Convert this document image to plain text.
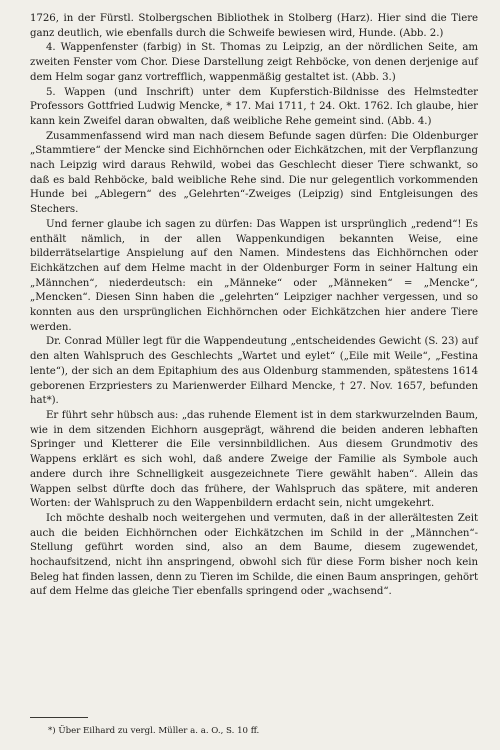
1726, in der Fürstl. Stolbergschen Bibliothek in Stolberg (Harz). Hier sind die Tiere ganz deutlich, wie ebenfalls durch die Schweife bewiesen wird, Hunde. (Abb. 2.)

4. Wappenfenster (farbig) in St. Thomas zu Leipzig, an der nördlichen Seite, am zweiten Fenster vom Chor. Diese Darstellung zeigt Rehböcke, von denen derjenige auf dem Helm sogar ganz vortrefflich, wappenmäßig gestaltet ist. (Abb. 3.)

5. Wappen (und Inschrift) unter dem Kupferstich-Bildnisse des Helmstedter Professors Gottfried Ludwig Mencke, * 17. Mai 1711, † 24. Okt. 1762. Ich glaube, hier kann kein Zweifel daran obwalten, daß weibliche Rehe gemeint sind. (Abb. 4.)

Zusammenfassend wird man nach diesem Befunde sagen dürfen: Die Oldenburger „Stammtiere“ der Mencke sind Eichhörnchen oder Eichkätzchen, mit der Verpflanzung nach Leipzig wird daraus Rehwild, wobei das Geschlecht dieser Tiere schwankt, so daß es bald Rehböcke, bald weibliche Rehe sind. Die nur gelegentlich vorkommenden Hunde bei „Ablegern“ des „Gelehrten“-Zweiges (Leipzig) sind Entgleisungen des Stechers.

Und ferner glaube ich sagen zu dürfen: Das Wappen ist ursprünglich „redend“! Es enthält nämlich, in der allen Wappenkundigen bekannten Weise, eine bilderrätselartige Anspielung auf den Namen. Mindestens das Eichhörnchen oder Eichkätzchen auf dem Helme macht in der Oldenburger Form in seiner Haltung ein „Männchen“, niederdeutsch: ein „Männeke“ oder „Männeken“ = „Mencke“, „Mencken“. Diesen Sinn haben die „gelehrten“ Leipziger nachher vergessen, und so konnten aus den ursprünglichen Eichhörnchen oder Eichkätzchen hier andere Tiere werden.

Dr. Conrad Müller legt für die Wappendeutung „entscheidendes Gewicht (S. 23) auf den alten Wahlspruch des Geschlechts „Wartet und eylet“ („Eile mit Weile“, „Festina lente“), der sich an dem Epitaphium des aus Oldenburg stammenden, spätestens 1614 geborenen Erzpriesters zu Marienwerder Eilhard Mencke, † 27. Nov. 1657, befunden hat*).

Er führt sehr hübsch aus: „das ruhende Element ist in dem starkwurzelnden Baum, wie in dem sitzenden Eichhorn ausgeprägt, während die beiden anderen lebhaften Springer und Kletterer die Eile versinnbildlichen. Aus diesem Grundmotiv des Wappens erklärt es sich wohl, daß andere Zweige der Familie als Symbole auch andere durch ihre Schnelligkeit ausgezeichnete Tiere gewählt haben“. Allein das Wappen selbst dürfte doch das frühere, der Wahlspruch das spätere, mit anderen Worten: der Wahlspruch zu den Wappenbildern erdacht sein, nicht umgekehrt.

Ich möchte deshalb noch weitergehen und vermuten, daß in der allerältesten Zeit auch die beiden Eichhörnchen oder Eichkätzchen im Schild in der „Männchen“-Stellung geführt worden sind, also an dem Baume, diesem zugewendet, hochaufsitzend, nicht ihn anspringend, obwohl sich für diese Form bisher noch kein Beleg hat finden lassen, denn zu Tieren im Schilde, die einen Baum anspringen, gehört auf dem Helme das gleiche Tier ebenfalls springend oder „wachsend“.

*) Über Eilhard zu vergl. Müller a. a. O., S. 10 ff.
